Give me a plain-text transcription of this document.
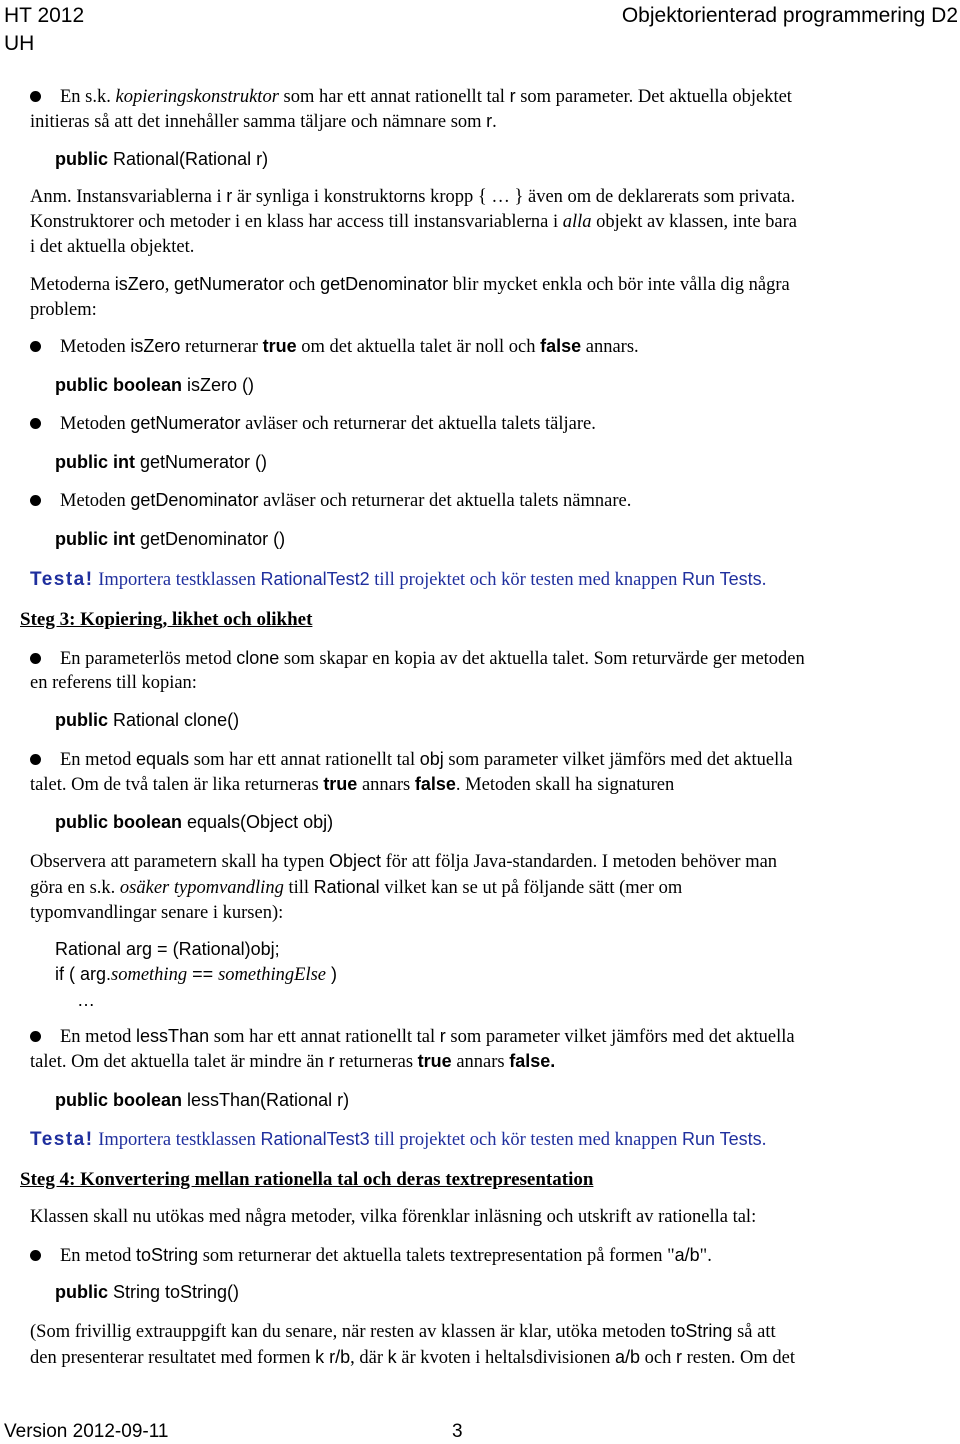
HT 2012
UH
Objektorienterad programmering D2
En s.k. kopieringskonstruktor som har ett annat rationellt tal r som parameter. Det aktuella objektet
initieras så att det innehåller samma täljare och nämnare som r.
public Rational(Rational r)
Anm. Instansvariablerna i r är synliga i konstruktorns kropp { … } även om de deklarerats som privata.
Konstruktorer och metoder i en klass har access till instansvariablerna i alla objekt av klassen, inte bara
i det aktuella objektet.
Metoderna isZero, getNumerator och getDenominator blir mycket enkla och bör inte vålla dig några
problem:
Metoden isZero returnerar true om det aktuella talet är noll och false annars.
public boolean isZero ()
Metoden getNumerator avläser och returnerar det aktuella talets täljare.
public int getNumerator ()
Metoden getDenominator avläser och returnerar det aktuella talets nämnare.
public int getDenominator ()
Testa! Importera testklassen RationalTest2 till projektet och kör testen med knappen Run Tests.
Steg 3: Kopiering, likhet och olikhet
En parameterlös metod clone som skapar en kopia av det aktuella talet. Som returvärde ger metoden
en referens till kopian:
public Rational clone()
En metod equals som har ett annat rationellt tal obj som parameter vilket jämförs med det aktuella
talet. Om de två talen är lika returneras true annars false. Metoden skall ha signaturen
public boolean equals(Object obj)
Observera att parametern skall ha typen Object för att följa Java-standarden. I metoden behöver man
göra en s.k. osäker typomvandling till Rational vilket kan se ut på följande sätt (mer om
typomvandlingar senare i kursen):
Rational arg = (Rational)obj;
if ( arg.something == somethingElse )
…
En metod lessThan som har ett annat rationellt tal r som parameter vilket jämförs med det aktuella
talet. Om det aktuella talet är mindre än r returneras true annars false.
public boolean lessThan(Rational r)
Testa! Importera testklassen RationalTest3 till projektet och kör testen med knappen Run Tests.
Steg 4: Konvertering mellan rationella tal och deras textrepresentation
Klassen skall nu utökas med några metoder, vilka förenklar inläsning och utskrift av rationella tal:
En metod toString som returnerar det aktuella talets textrepresentation på formen "a/b".
public String toString()
(Som frivillig extrauppgift kan du senare, när resten av klassen är klar, utöka metoden toString så att
den presenterar resultatet med formen k r/b, där k är kvoten i heltalsdivisionen a/b och r resten. Om det
Version 2012-09-11	3
